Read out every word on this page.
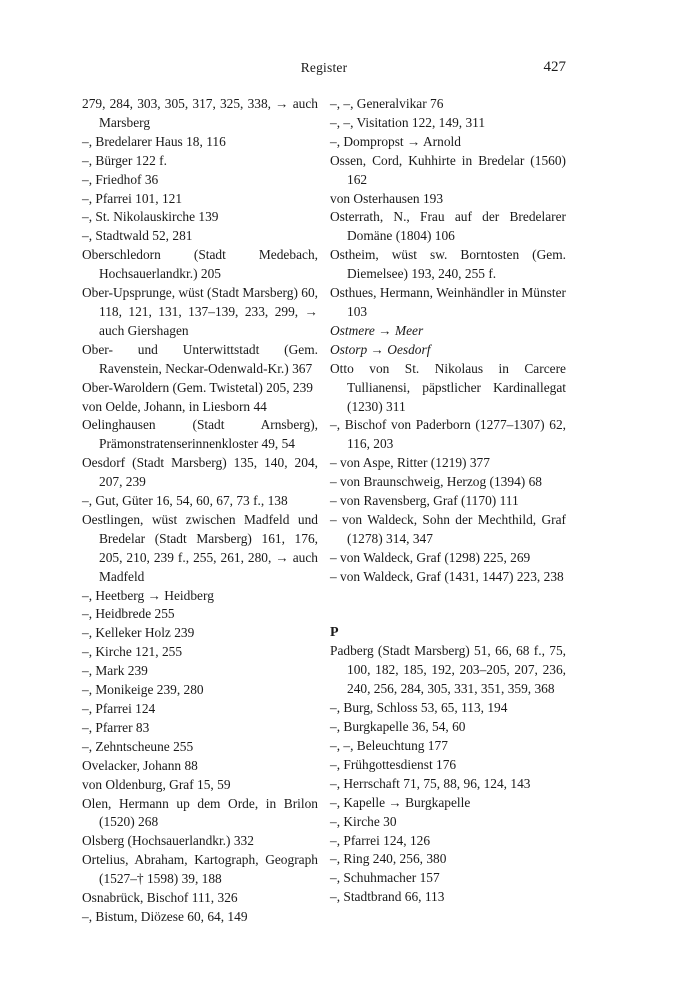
Register	427
279, 284, 303, 305, 317, 325, 338, → auch Marsberg
–, Bredelarer Haus 18, 116
–, Bürger 122 f.
–, Friedhof 36
–, Pfarrei 101, 121
–, St. Nikolauskirche 139
–, Stadtwald 52, 281
Oberschledorn (Stadt Medebach, Hochsauerlandkr.) 205
Ober-Upsprunge, wüst (Stadt Marsberg) 60, 118, 121, 131, 137–139, 233, 299, → auch Giershagen
Ober- und Unterwittstadt (Gem. Ravenstein, Neckar-Odenwald-Kr.) 367
Ober-Waroldern (Gem. Twistetal) 205, 239
von Oelde, Johann, in Liesborn 44
Oelinghausen (Stadt Arnsberg), Prämonstratenserinnenkloster 49, 54
Oesdorf (Stadt Marsberg) 135, 140, 204, 207, 239
–, Gut, Güter 16, 54, 60, 67, 73 f., 138
Oestlingen, wüst zwischen Madfeld und Bredelar (Stadt Marsberg) 161, 176, 205, 210, 239 f., 255, 261, 280, → auch Madfeld
–, Heetberg → Heidberg
–, Heidbrede 255
–, Kelleker Holz 239
–, Kirche 121, 255
–, Mark 239
–, Monikeige 239, 280
–, Pfarrei 124
–, Pfarrer 83
–, Zehntscheune 255
Ovelacker, Johann 88
von Oldenburg, Graf 15, 59
Olen, Hermann up dem Orde, in Brilon (1520) 268
Olsberg (Hochsauerlandkr.) 332
Ortelius, Abraham, Kartograph, Geograph (1527–† 1598) 39, 188
Osnabrück, Bischof 111, 326
–, Bistum, Diözese 60, 64, 149
–, –, Generalvikar 76
–, –, Visitation 122, 149, 311
–, Dompropst → Arnold
Ossen, Cord, Kuhhirte in Bredelar (1560) 162
von Osterhausen 193
Osterrath, N., Frau auf der Bredelarer Domäne (1804) 106
Ostheim, wüst sw. Borntosten (Gem. Diemelsee) 193, 240, 255 f.
Osthues, Hermann, Weinhändler in Münster 103
Ostmere → Meer
Ostorp → Oesdorf
Otto von St. Nikolaus in Carcere Tullianensi, päpstlicher Kardinallegat (1230) 311
–, Bischof von Paderborn (1277–1307) 62, 116, 203
– von Aspe, Ritter (1219) 377
– von Braunschweig, Herzog (1394) 68
– von Ravensberg, Graf (1170) 111
– von Waldeck, Sohn der Mechthild, Graf (1278) 314, 347
– von Waldeck, Graf (1298) 225, 269
– von Waldeck, Graf (1431, 1447) 223, 238
P
Padberg (Stadt Marsberg) 51, 66, 68 f., 75, 100, 182, 185, 192, 203–205, 207, 236, 240, 256, 284, 305, 331, 351, 359, 368
–, Burg, Schloss 53, 65, 113, 194
–, Burgkapelle 36, 54, 60
–, –, Beleuchtung 177
–, Frühgottesdienst 176
–, Herrschaft 71, 75, 88, 96, 124, 143
–, Kapelle → Burgkapelle
–, Kirche 30
–, Pfarrei 124, 126
–, Ring 240, 256, 380
–, Schuhmacher 157
–, Stadtbrand 66, 113
